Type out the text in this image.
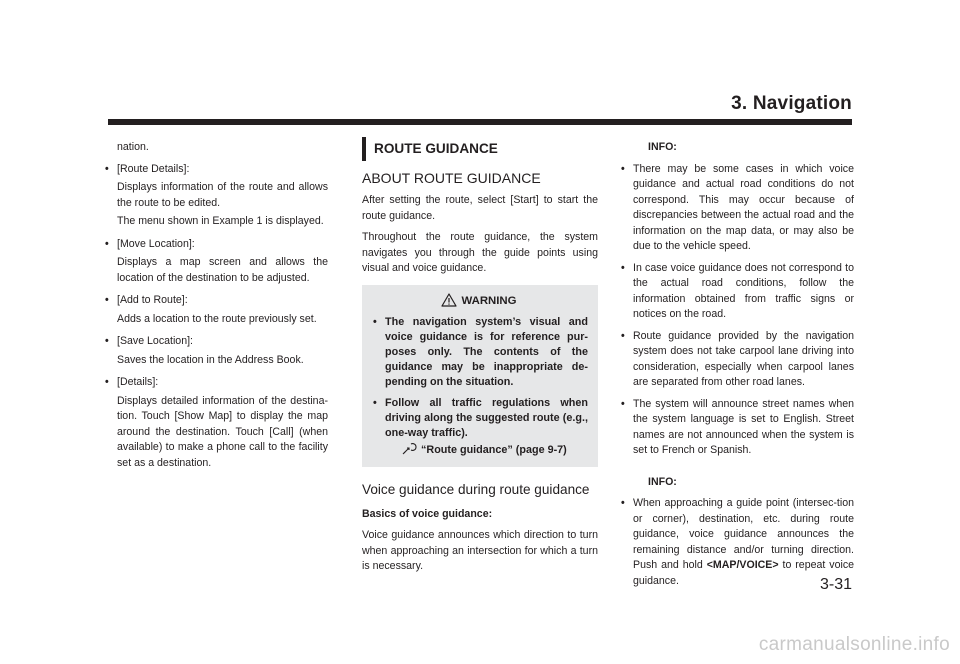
3. Navigation

nation.

• [Route Details]:

Displays information of the route and allows the route to be edited.

The menu shown in Example 1 is displayed.

• [Move Location]:

Displays a map screen and allows the location of the destination to be adjusted.

• [Add to Route]:

Adds a location to the route previously set.

• [Save Location]:

Saves the location in the Address Book.

• [Details]:

Displays detailed information of the destina-tion. Touch [Show Map] to display the map around the destination. Touch [Call] (when available) to make a phone call to the facility set as a destination.

ROUTE GUIDANCE
ABOUT ROUTE GUIDANCE

After setting the route, select [Start] to start the route guidance.

Throughout the route guidance, the system navigates you through the guide points using visual and voice guidance.

WARNING

• The navigation system’s visual and voice guidance is for reference pur-poses only. The contents of the guidance may be inappropriate de-pending on the situation.

• Follow all traffic regulations when driving along the suggested route (e.g., one-way traffic).

“Route guidance” (page 9-7)

Voice guidance during route guidance

Basics of voice guidance:

Voice guidance announces which direction to turn when approaching an intersection for which a turn is necessary.

INFO:

• There may be some cases in which voice guidance and actual road conditions do not correspond. This may occur because of discrepancies between the actual road and the information on the map data, or may also be due to the vehicle speed.

• In case voice guidance does not correspond to the actual road conditions, follow the information obtained from traffic signs or notices on the road.

• Route guidance provided by the navigation system does not take carpool lane driving into consideration, especially when carpool lanes are separated from other road lanes.

• The system will announce street names when the system language is set to English. Street names are not announced when the system is set to French or Spanish.

INFO:

• When approaching a guide point (intersec-tion or corner), destination, etc. during route guidance, voice guidance announces the remaining distance and/or turning direction. Push and hold <MAP/VOICE> to repeat voice guidance.	3-31
carmanualsonline.info
